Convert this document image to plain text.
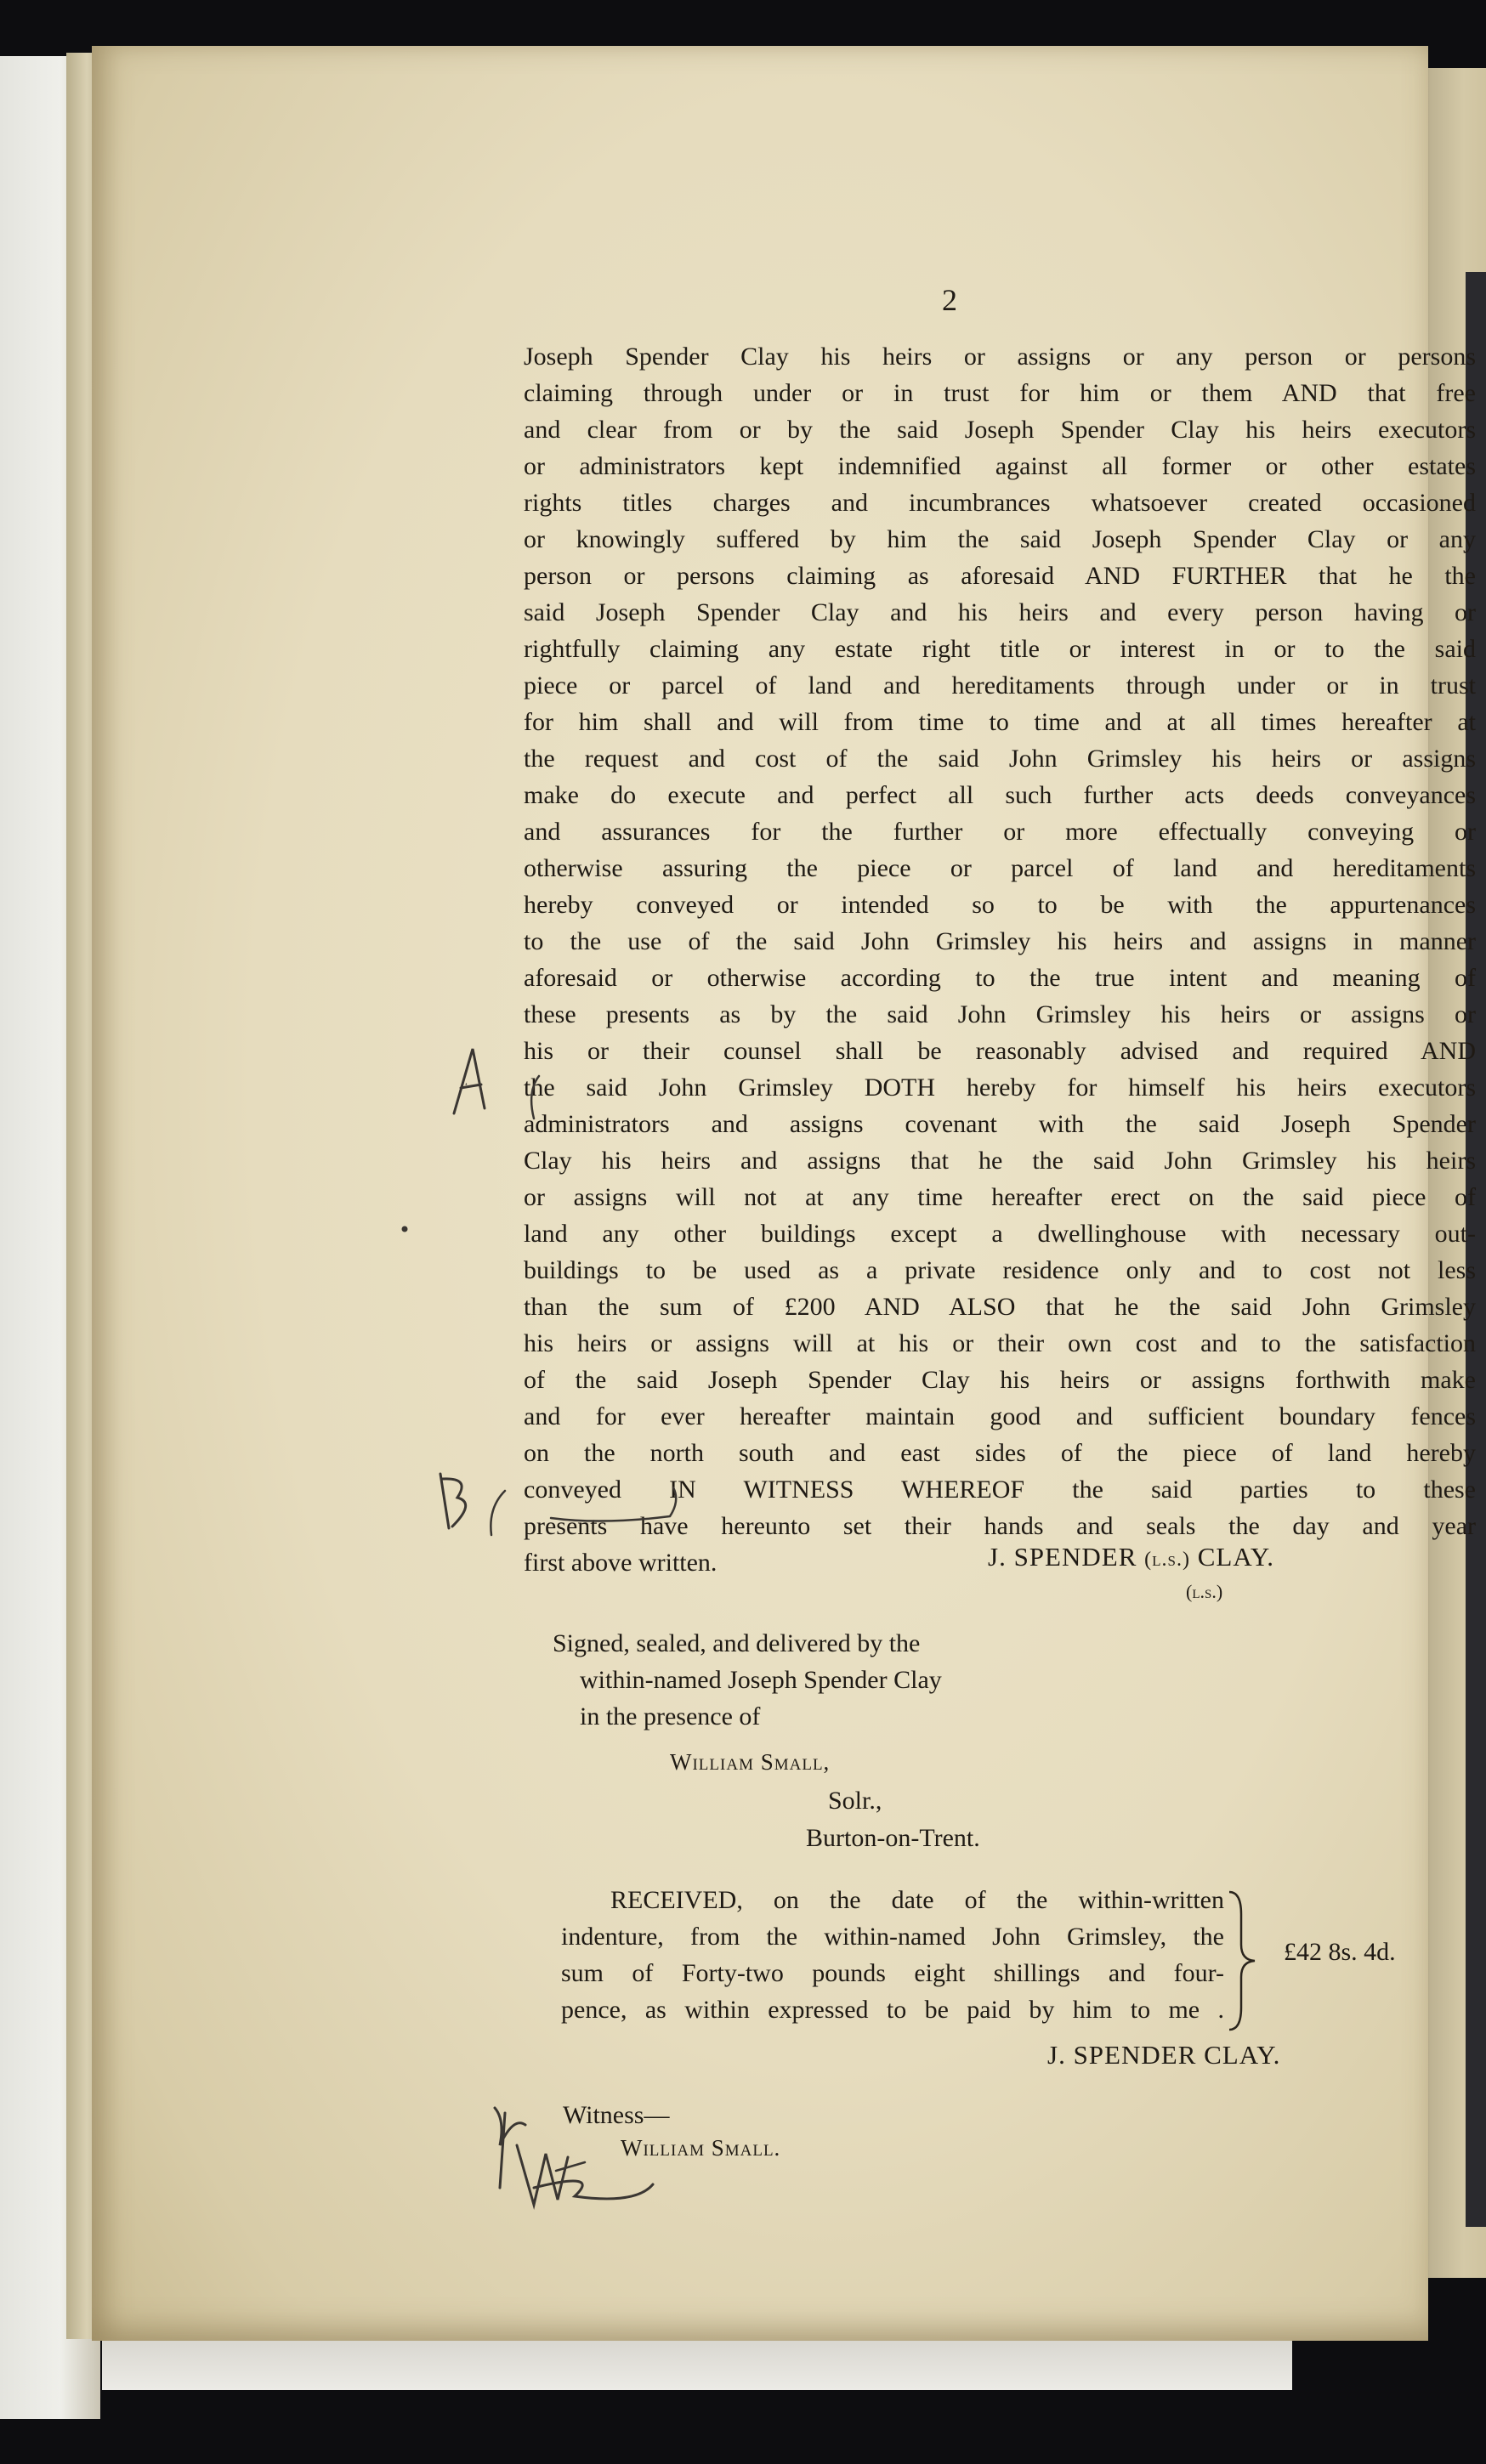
2
Joseph Spender Clay his heirs or assigns or any person or persons
claiming through under or in trust for him or them AND that free
and clear from or by the said Joseph Spender Clay his heirs executors
or administrators kept indemnified against all former or other estates
rights titles charges and incumbrances whatsoever created occasioned
or knowingly suffered by him the said Joseph Spender Clay or any
person or persons claiming as aforesaid AND FURTHER that he the
said Joseph Spender Clay and his heirs and every person having or
rightfully claiming any estate right title or interest in or to the said
piece or parcel of land and hereditaments through under or in trust
for him shall and will from time to time and at all times hereafter at
the request and cost of the said John Grimsley his heirs or assigns
make do execute and perfect all such further acts deeds conveyances
and assurances for the further or more effectually conveying or
otherwise assuring the piece or parcel of land and hereditaments
hereby conveyed or intended so to be with the appurtenances
to the use of the said John Grimsley his heirs and assigns in manner
aforesaid or otherwise according to the true intent and meaning of
these presents as by the said John Grimsley his heirs or assigns or
his or their counsel shall be reasonably advised and required AND
the said John Grimsley DOTH hereby for himself his heirs executors
administrators and assigns covenant with the said Joseph Spender
Clay his heirs and assigns that he the said John Grimsley his heirs
or assigns will not at any time hereafter erect on the said piece of
land any other buildings except a dwellinghouse with necessary out-
buildings to be used as a private residence only and to cost not less
than the sum of £200 AND ALSO that he the said John Grimsley
his heirs or assigns will at his or their own cost and to the satisfaction
of the said Joseph Spender Clay his heirs or assigns forthwith make
and for ever hereafter maintain good and sufficient boundary fences
on the north south and east sides of the piece of land hereby
conveyed IN WITNESS WHEREOF the said parties to these
presents have hereunto set their hands and seals the day and year
first above written.	J. SPENDER (l.s.) CLAY.
(l.s.)
Signed, sealed, and delivered by the
within-named Joseph Spender Clay
in the presence of
William Small,
Solr.,
Burton-on-Trent.
RECEIVED, on the date of the within-written
indenture, from the within-named John Grimsley, the
sum of Forty-two pounds eight shillings and four-
pence, as within expressed to be paid by him to me .
£42 8s. 4d.
J. SPENDER CLAY.
Witness—
William Small.
A
